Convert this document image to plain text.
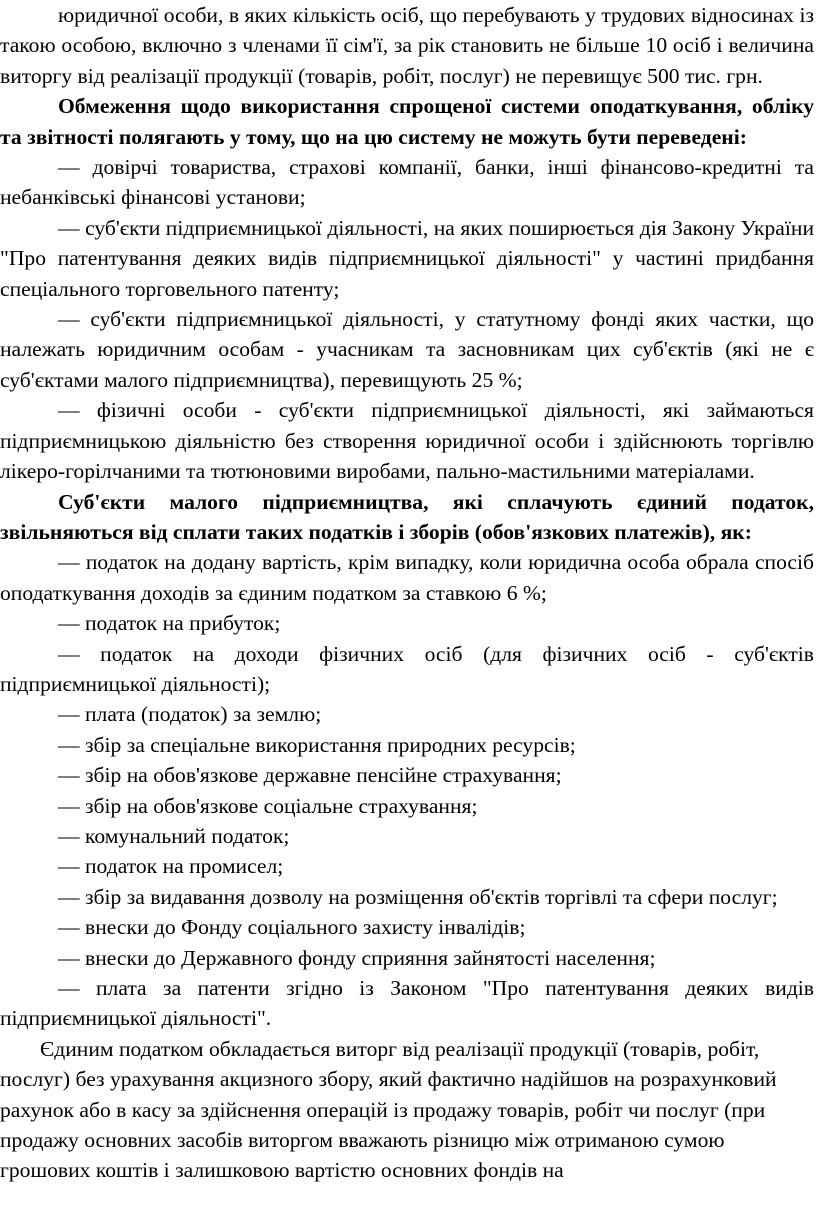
юридичної особи, в яких кількість осіб, що перебувають у трудових відносинах із такою особою, включно з членами її сім'ї, за рік становить не більше 10 осіб і величина виторгу від реалізації продукції (товарів, робіт, послуг) не перевищує 500 тис. грн.

Обмеження щодо використання спрощеної системи оподаткування, обліку та звітності полягають у тому, що на цю систему не можуть бути переведені:

— довірчі товариства, страхові компанії, банки, інші фінансово-кредитні та небанківські фінансові установи;

— суб'єкти підприємницької діяльності, на яких поширюється дія Закону України "Про патентування деяких видів підприємницької діяльності" у частині придбання спеціального торговельного патенту;

— суб'єкти підприємницької діяльності, у статутному фонді яких частки, що належать юридичним особам - учасникам та засновникам цих суб'єктів (які не є суб'єктами малого підприємництва), перевищують 25 %;

— фізичні особи - суб'єкти підприємницької діяльності, які займаються підприємницькою діяльністю без створення юридичної особи і здійснюють торгівлю лікеро-горілчаними та тютюновими виробами, пально-мастильними матеріалами.

Суб'єкти малого підприємництва, які сплачують єдиний податок, звільняються від сплати таких податків і зборів (обов'язкових платежів), як:

— податок на додану вартість, крім випадку, коли юридична особа обрала спосіб оподаткування доходів за єдиним податком за ставкою 6 %;

— податок на прибуток;

— податок на доходи фізичних осіб (для фізичних осіб - суб'єктів підприємницької діяльності);

— плата (податок) за землю;

— збір за спеціальне використання природних ресурсів;

— збір на обов'язкове державне пенсійне страхування;

— збір на обов'язкове соціальне страхування;

— комунальний податок;

— податок на промисел;

— збір за видавання дозволу на розміщення об'єктів торгівлі та сфери послуг;

— внески до Фонду соціального захисту інвалідів;

— внески до Державного фонду сприяння зайнятості населення;

— плата за патенти згідно із Законом "Про патентування деяких видів підприємницької діяльності".

Єдиним податком обкладається виторг від реалізації продукції (товарів, робіт, послуг) без урахування акцизного збору, який фактично надійшов на розрахунковий рахунок або в касу за здійснення операцій із продажу товарів, робіт чи послуг (при продажу основних засобів виторгом вважають різницю між отриманою сумою грошових коштів і залишковою вартістю основних фондів на
